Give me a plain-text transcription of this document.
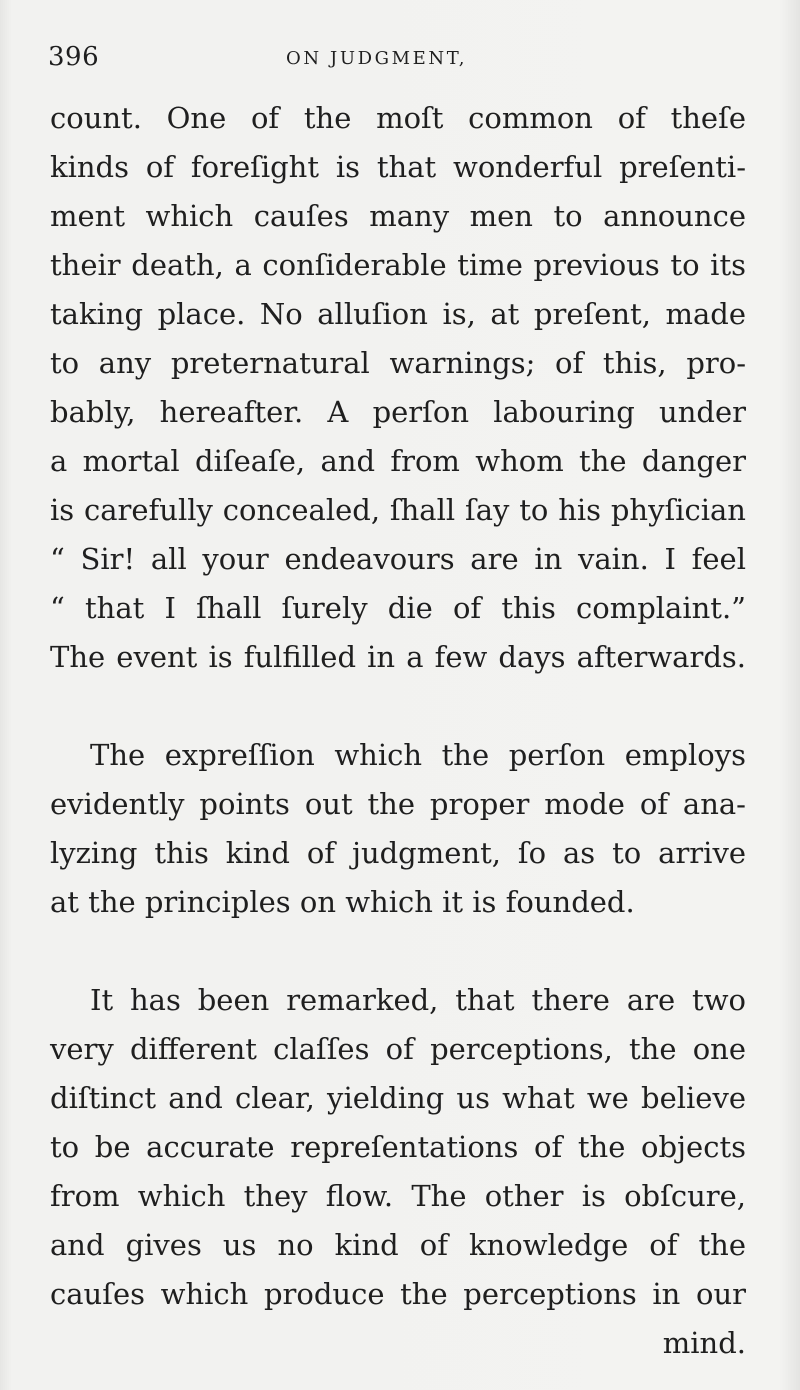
396	ON JUDGMENT,
count. One of the moſt common of theſe
kinds of foreſight is that wonderful preſenti-
ment which cauſes many men to announce
their death, a conſiderable time previous to its
taking place. No alluſion is, at preſent, made
to any preternatural warnings; of this, pro-
bably, hereafter. A perſon labouring under
a mortal diſeaſe, and from whom the danger
is carefully concealed, ſhall ſay to his phyſician
“ Sir! all your endeavours are in vain. I feel
“ that I ſhall ſurely die of this complaint.”
The event is fulfilled in a few days afterwards.
The expreſſion which the perſon employs
evidently points out the proper mode of ana-
lyzing this kind of judgment, ſo as to arrive
at the principles on which it is founded.
It has been remarked, that there are two
very different claſſes of perceptions, the one
diſtinct and clear, yielding us what we believe
to be accurate repreſentations of the objects
from which they flow. The other is obſcure,
and gives us no kind of knowledge of the
cauſes which produce the perceptions in our
mind.
